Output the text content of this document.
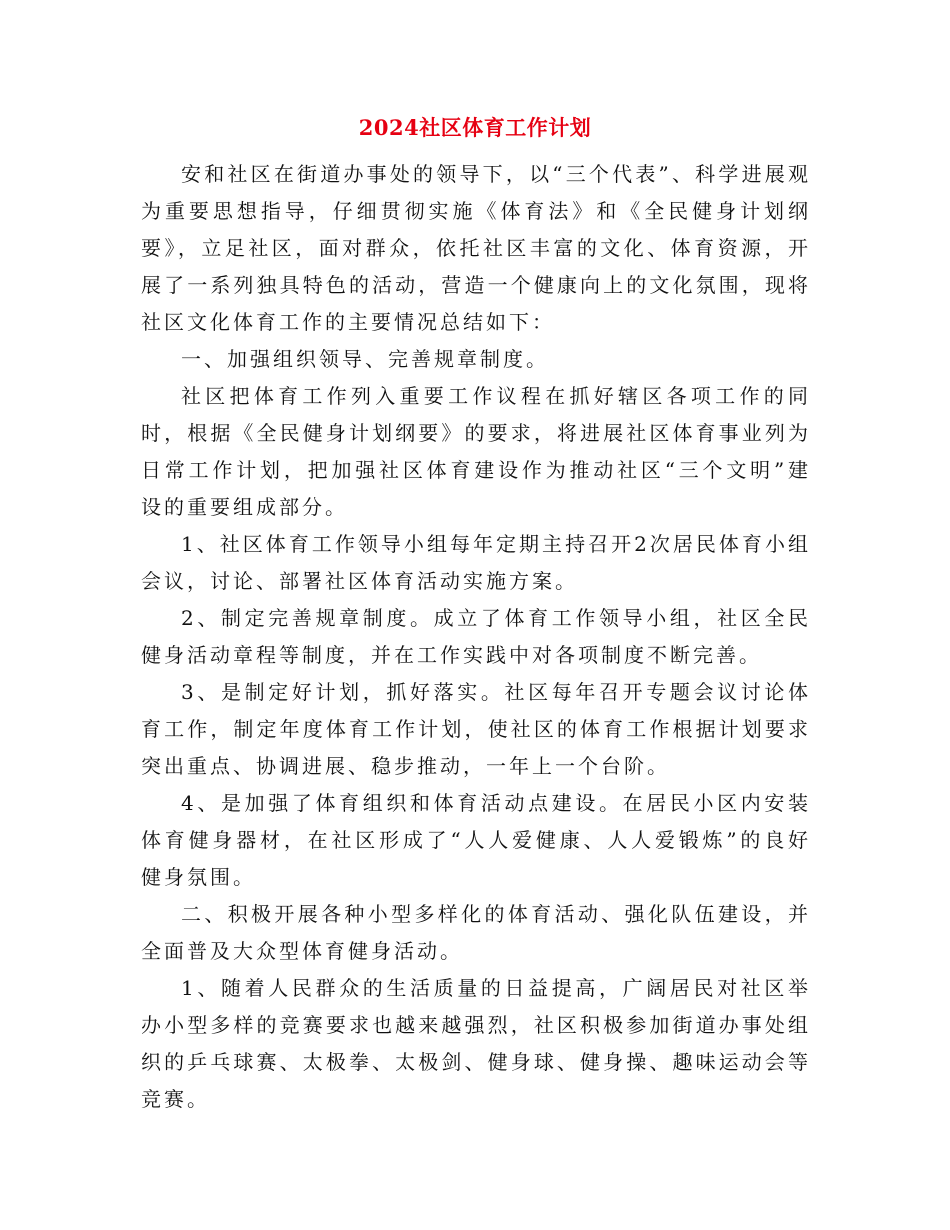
2024社区体育工作计划

安和社区在街道办事处的领导下，以“三个代表”、科学进展观为重要思想指导，仔细贯彻实施《体育法》和《全民健身计划纲要》，立足社区，面对群众，依托社区丰富的文化、体育资源，开展了一系列独具特色的活动，营造一个健康向上的文化氛围，现将社区文化体育工作的主要情况总结如下：

一、加强组织领导、完善规章制度。

社区把体育工作列入重要工作议程在抓好辖区各项工作的同时，根据《全民健身计划纲要》的要求，将进展社区体育事业列为日常工作计划，把加强社区体育建设作为推动社区“三个文明”建设的重要组成部分。

1、社区体育工作领导小组每年定期主持召开2次居民体育小组会议，讨论、部署社区体育活动实施方案。

2、制定完善规章制度。成立了体育工作领导小组，社区全民健身活动章程等制度，并在工作实践中对各项制度不断完善。

3、是制定好计划，抓好落实。社区每年召开专题会议讨论体育工作，制定年度体育工作计划，使社区的体育工作根据计划要求突出重点、协调进展、稳步推动，一年上一个台阶。

4、是加强了体育组织和体育活动点建设。在居民小区内安装体育健身器材，在社区形成了“人人爱健康、人人爱锻炼”的良好健身氛围。

二、积极开展各种小型多样化的体育活动、强化队伍建设，并全面普及大众型体育健身活动。

1、随着人民群众的生活质量的日益提高，广阔居民对社区举办小型多样的竞赛要求也越来越强烈，社区积极参加街道办事处组织的乒乓球赛、太极拳、太极剑、健身球、健身操、趣味运动会等竞赛。
